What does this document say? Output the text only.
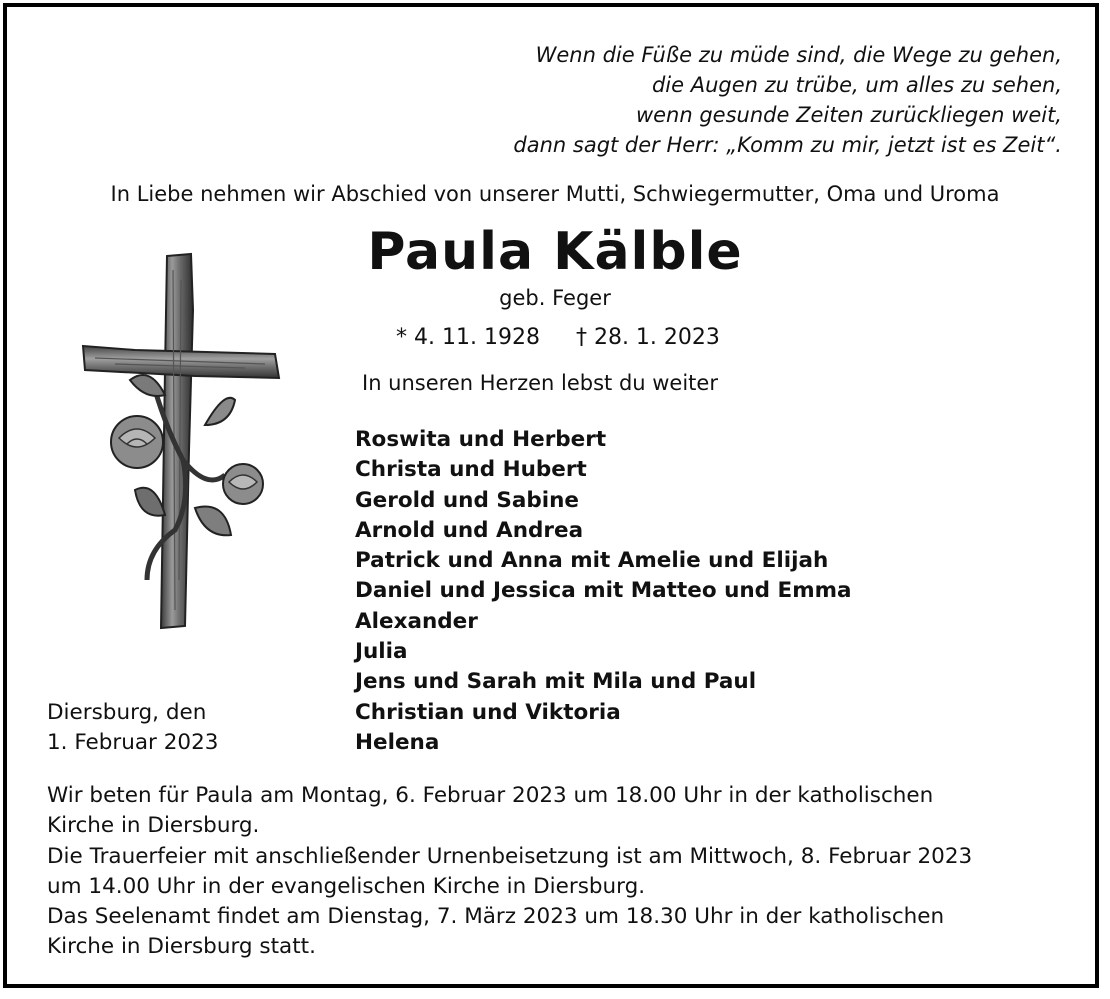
Wenn die Füße zu müde sind, die Wege zu gehen,
die Augen zu trübe, um alles zu sehen,
wenn gesunde Zeiten zurückliegen weit,
dann sagt der Herr: „Komm zu mir, jetzt ist es Zeit“.
In Liebe nehmen wir Abschied von unserer Mutti, Schwiegermutter, Oma und Uroma
Paula Kälble
geb. Feger
* 4. 11. 1928 † 28. 1. 2023
In unseren Herzen lebst du weiter
Roswita und Herbert
Christa und Hubert
Gerold und Sabine
Arnold und Andrea
Patrick und Anna mit Amelie und Elijah
Daniel und Jessica mit Matteo und Emma
Alexander
Julia
Jens und Sarah mit Mila und Paul
Christian und Viktoria
Helena
Diersburg, den
1. Februar 2023
Wir beten für Paula am Montag, 6. Februar 2023 um 18.00 Uhr in der katholischen
Kirche in Diersburg.
Die Trauerfeier mit anschließender Urnenbeisetzung ist am Mittwoch, 8. Februar 2023
um 14.00 Uhr in der evangelischen Kirche in Diersburg.
Das Seelenamt findet am Dienstag, 7. März 2023 um 18.30 Uhr in der katholischen
Kirche in Diersburg statt.
